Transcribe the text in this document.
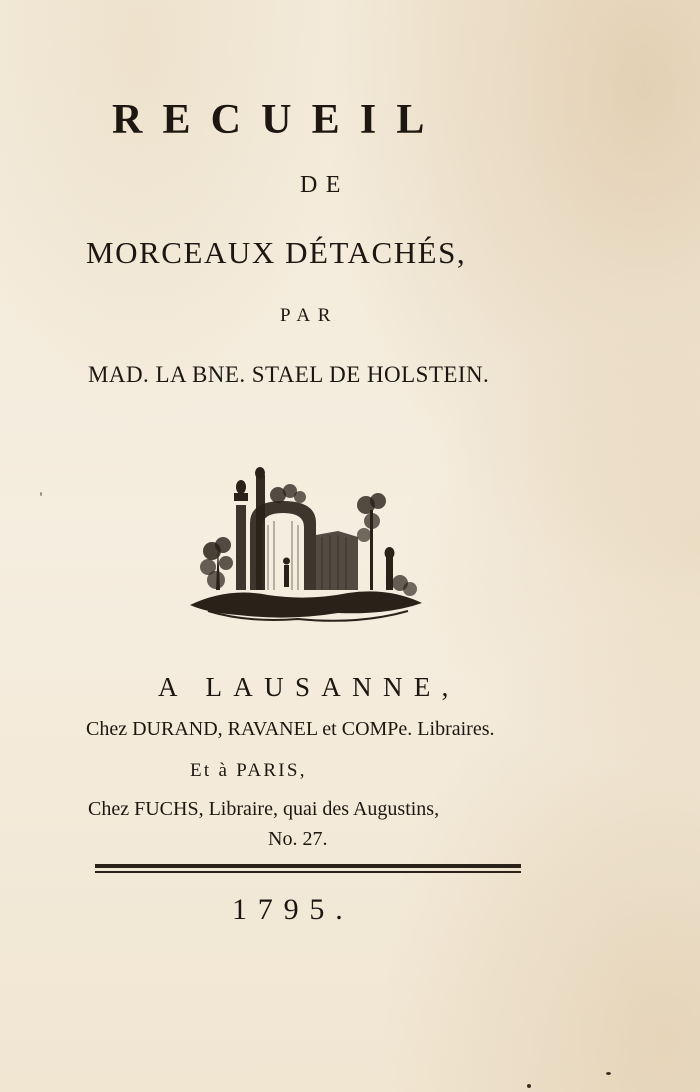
RECUEIL
DE
MORCEAUX DÉTACHÉS,
PAR
MAD. LA BNE. STAEL DE HOLSTEIN.
A LAUSANNE,
Chez DURAND, RAVANEL et COMPe. Libraires.
Et à PARIS,
Chez FUCHS, Libraire, quai des Augustins,
No. 27.
1795.
